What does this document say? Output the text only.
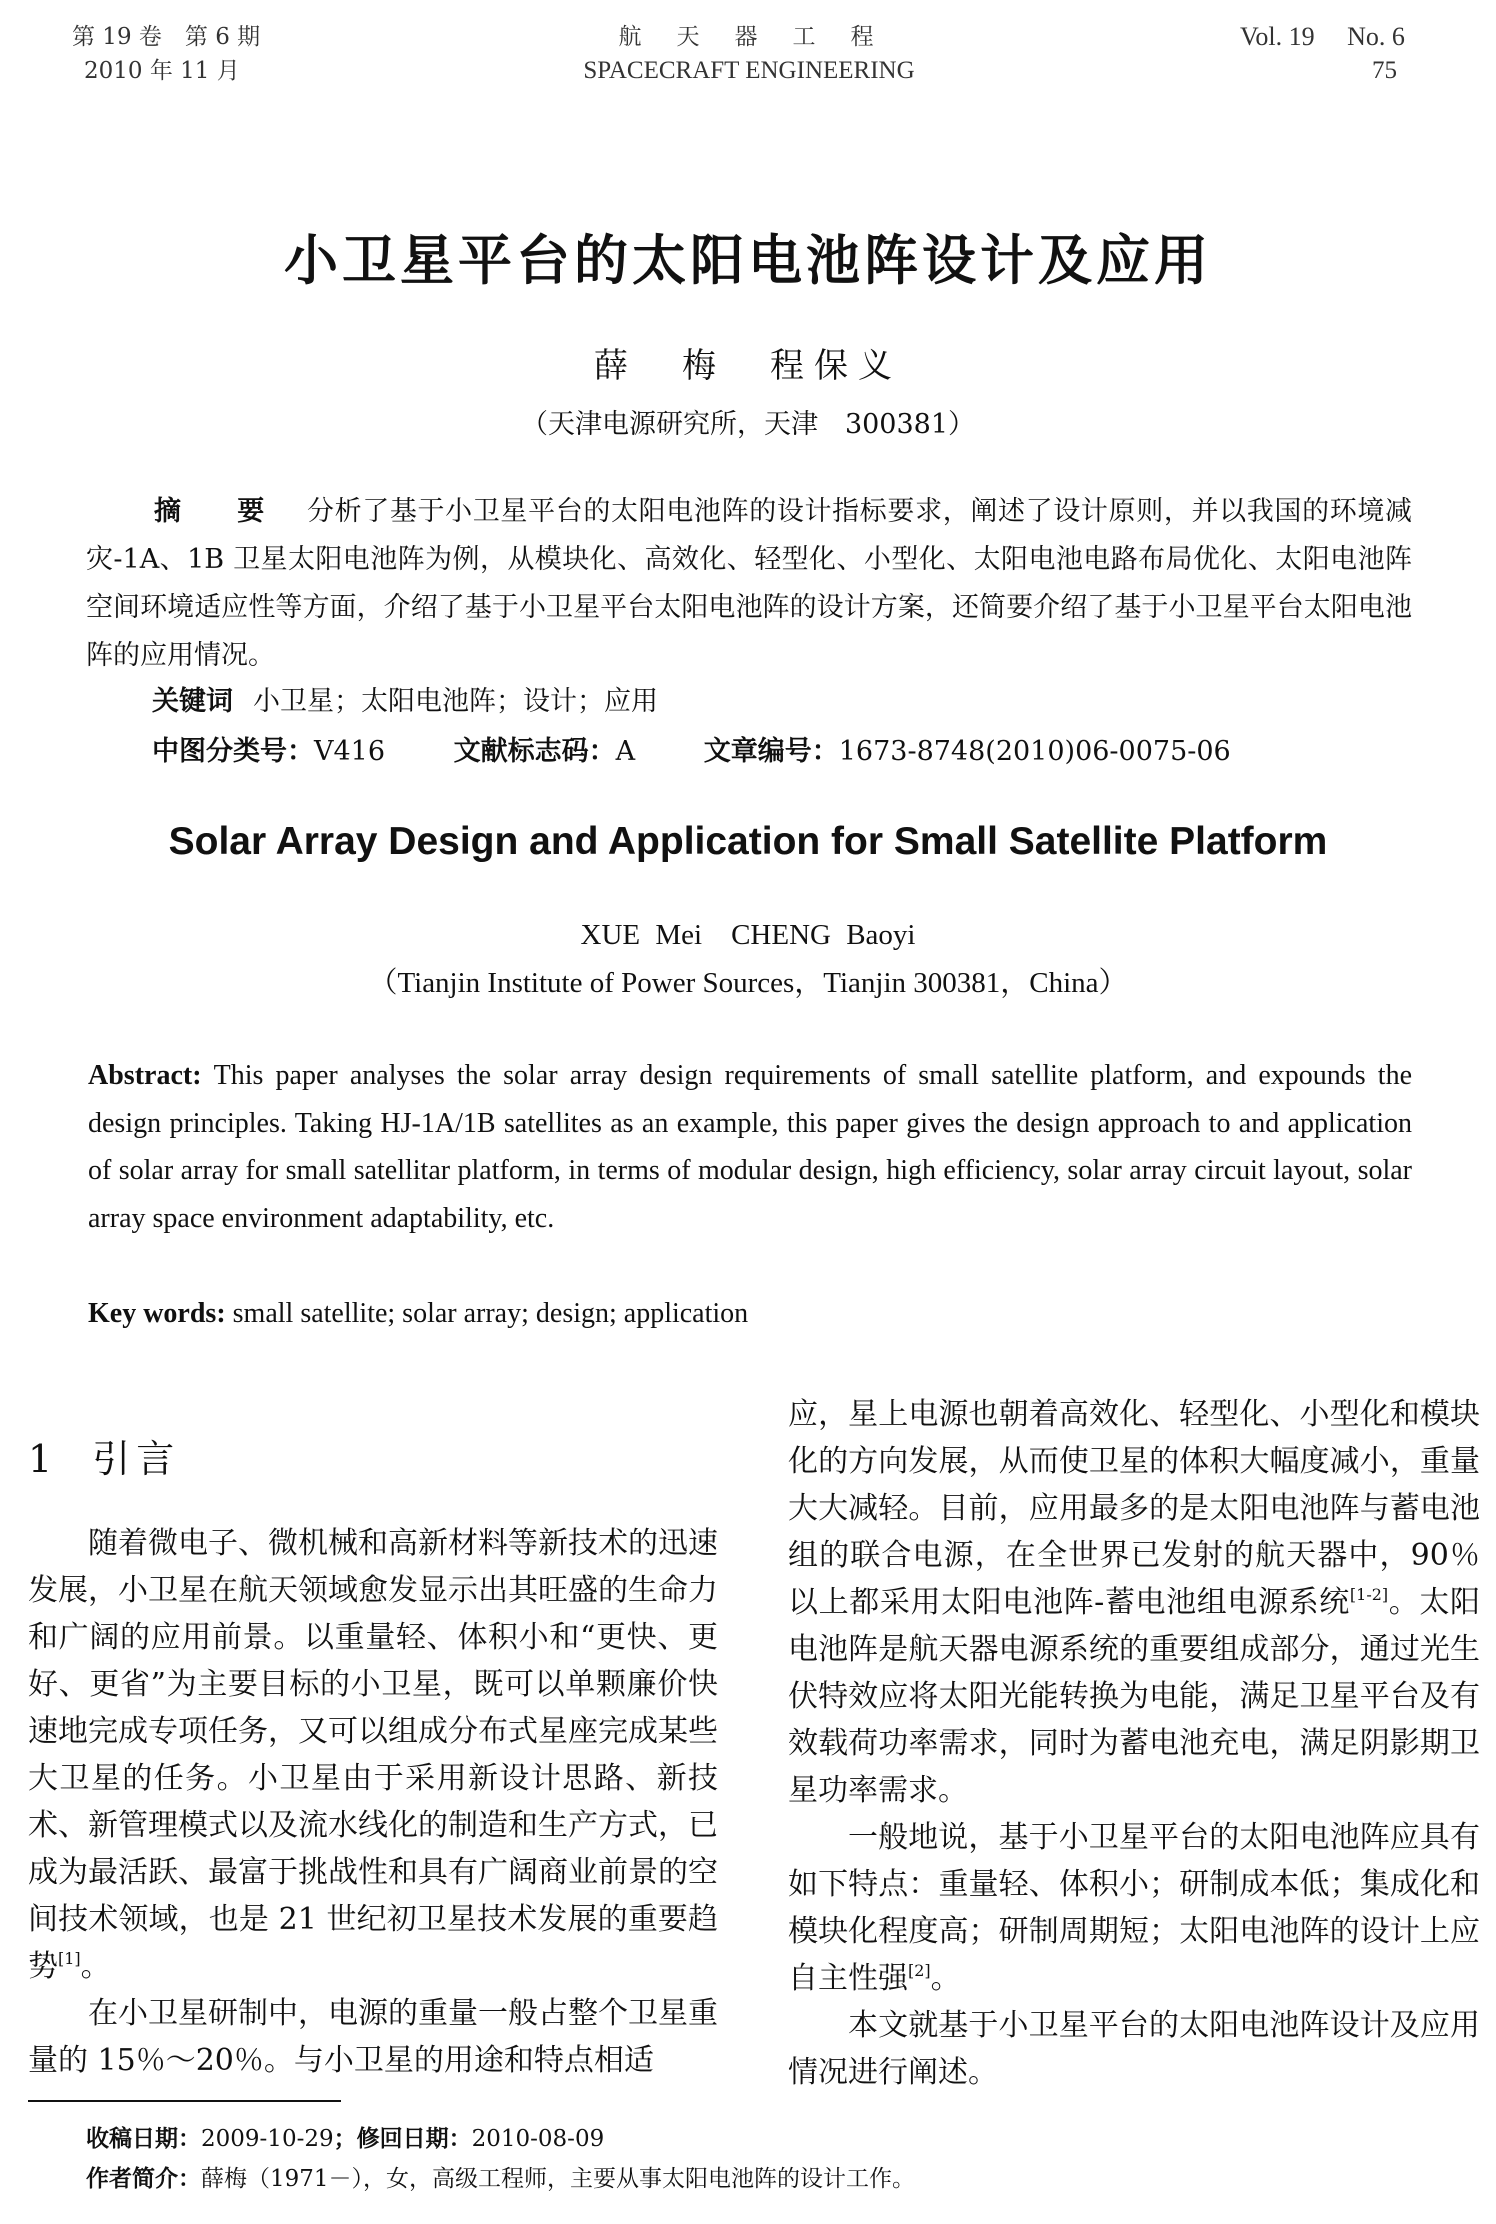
第 19 卷　第 6 期
2010 年 11 月
航　天　器　工　程
SPACECRAFT ENGINEERING
Vol. 19　 No. 6
75
小卫星平台的太阳电池阵设计及应用
薛　梅　程保义
（天津电源研究所，天津　300381）

摘　要 分析了基于小卫星平台的太阳电池阵的设计指标要求，阐述了设计原则，并以我国的环境减灾-1A、1B 卫星太阳电池阵为例，从模块化、高效化、轻型化、小型化、太阳电池电路布局优化、太阳电池阵空间环境适应性等方面，介绍了基于小卫星平台太阳电池阵的设计方案，还简要介绍了基于小卫星平台太阳电池阵的应用情况。

关键词 小卫星；太阳电池阵；设计；应用
中图分类号：V416	文献标志码：A	文章编号：1673-8748(2010)06-0075-06
Solar Array Design and Application for Small Satellite Platform
XUE Mei　CHENG Baoyi
（Tianjin Institute of Power Sources，Tianjin 300381，China）
Abstract: This paper analyses the solar array design requirements of small satellite platform, and expounds the design principles. Taking HJ-1A/1B satellites as an example, this paper gives the design approach to and application of solar array for small satellitar platform, in terms of modular design, high efficiency, solar array circuit layout, solar array space environment adaptability, etc.
Key words: small satellite; solar array; design; application
1 引言

随着微电子、微机械和高新材料等新技术的迅速发展，小卫星在航天领域愈发显示出其旺盛的生命力和广阔的应用前景。以重量轻、体积小和“更快、更好、更省”为主要目标的小卫星，既可以单颗廉价快速地完成专项任务，又可以组成分布式星座完成某些大卫星的任务。小卫星由于采用新设计思路、新技术、新管理模式以及流水线化的制造和生产方式，已成为最活跃、最富于挑战性和具有广阔商业前景的空间技术领域，也是 21 世纪初卫星技术发展的重要趋势[1]。

在小卫星研制中，电源的重量一般占整个卫星重量的 15％～20％。与小卫星的用途和特点相适

应，星上电源也朝着高效化、轻型化、小型化和模块化的方向发展，从而使卫星的体积大幅度减小，重量大大减轻。目前，应用最多的是太阳电池阵与蓄电池组的联合电源，在全世界已发射的航天器中，90％以上都采用太阳电池阵-蓄电池组电源系统[1-2]。太阳电池阵是航天器电源系统的重要组成部分，通过光生伏特效应将太阳光能转换为电能，满足卫星平台及有效载荷功率需求，同时为蓄电池充电，满足阴影期卫星功率需求。

一般地说，基于小卫星平台的太阳电池阵应具有如下特点：重量轻、体积小；研制成本低；集成化和模块化程度高；研制周期短；太阳电池阵的设计上应自主性强[2]。

本文就基于小卫星平台的太阳电池阵设计及应用情况进行阐述。

收稿日期：2009-10-29；修回日期：2010-08-09
作者简介：薛梅（1971－），女，高级工程师，主要从事太阳电池阵的设计工作。
